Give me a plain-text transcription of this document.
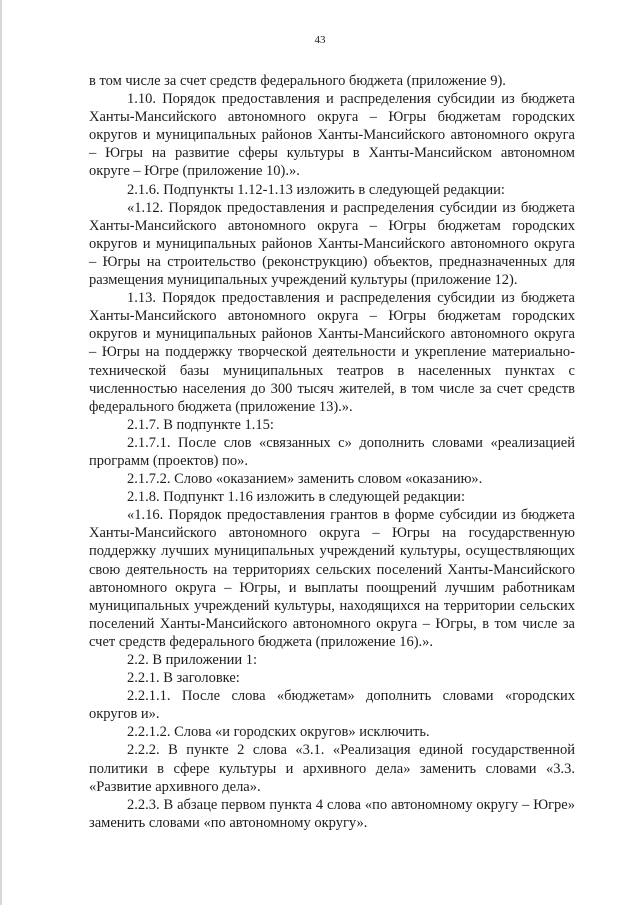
43

в том числе за счет средств федерального бюджета (приложение 9).

1.10. Порядок предоставления и распределения субсидии из бюджета Ханты-Мансийского автономного округа – Югры бюджетам городских округов и муниципальных районов Ханты-Мансийского автономного округа – Югры на развитие сферы культуры в Ханты-Мансийском автономном округе – Югре (приложение 10).».

2.1.6. Подпункты 1.12-1.13 изложить в следующей редакции:

«1.12. Порядок предоставления и распределения субсидии из бюджета Ханты-Мансийского автономного округа – Югры бюджетам городских округов и муниципальных районов Ханты-Мансийского автономного округа – Югры на строительство (реконструкцию) объектов, предназначенных для размещения муниципальных учреждений культуры (приложение 12).

1.13. Порядок предоставления и распределения субсидии из бюджета Ханты-Мансийского автономного округа – Югры бюджетам городских округов и муниципальных районов Ханты-Мансийского автономного округа – Югры на поддержку творческой деятельности и укрепление материально-технической базы муниципальных театров в населенных пунктах с численностью населения до 300 тысяч жителей, в том числе за счет средств федерального бюджета (приложение 13).».

2.1.7. В подпункте 1.15:

2.1.7.1. После слов «связанных с» дополнить словами «реализацией программ (проектов) по».

2.1.7.2. Слово «оказанием» заменить словом «оказанию».

2.1.8. Подпункт 1.16 изложить в следующей редакции:

«1.16. Порядок предоставления грантов в форме субсидии из бюджета Ханты-Мансийского автономного округа – Югры на государственную поддержку лучших муниципальных учреждений культуры, осуществляющих свою деятельность на территориях сельских поселений Ханты-Мансийского автономного округа – Югры, и выплаты поощрений лучшим работникам муниципальных учреждений культуры, находящихся на территории сельских поселений Ханты-Мансийского автономного округа – Югры, в том числе за счет средств федерального бюджета (приложение 16).».

2.2. В приложении 1:

2.2.1. В заголовке:

2.2.1.1. После слова «бюджетам» дополнить словами «городских округов и».

2.2.1.2. Слова «и городских округов» исключить.

2.2.2. В пункте 2 слова «3.1. «Реализация единой государственной политики в сфере культуры и архивного дела» заменить словами «3.3. «Развитие архивного дела».

2.2.3. В абзаце первом пункта 4 слова «по автономному округу – Югре» заменить словами «по автономному округу».
